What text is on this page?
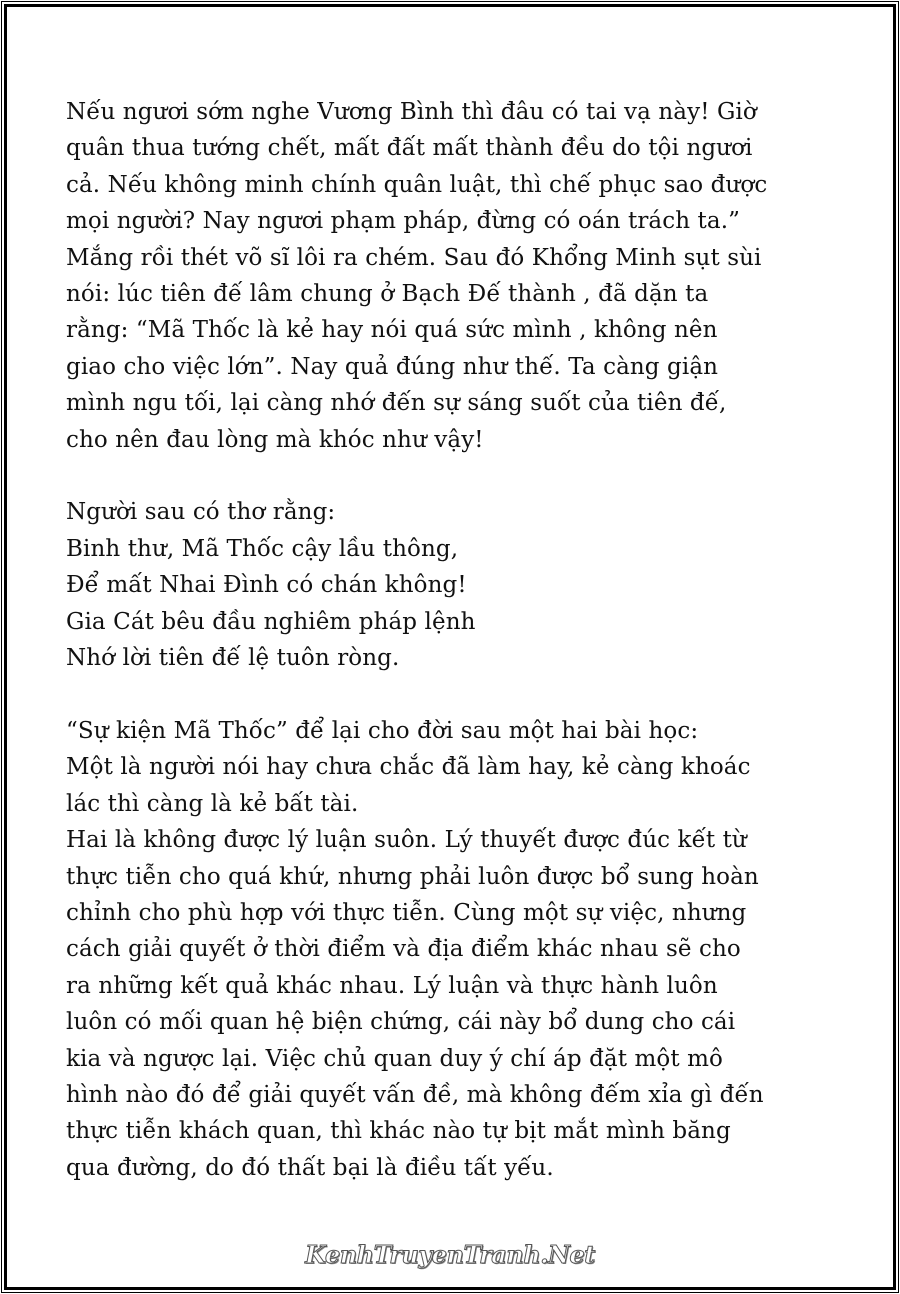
Nếu ngươi sớm nghe Vương Bình thì đâu có tai vạ này! Giờ
quân thua tướng chết, mất đất mất thành đều do tội ngươi
cả. Nếu không minh chính quân luật, thì chế phục sao được
mọi người? Nay ngươi phạm pháp, đừng có oán trách ta.”
Mắng rồi thét võ sĩ lôi ra chém. Sau đó Khổng Minh sụt sùi
nói: lúc tiên đế lâm chung ở Bạch Đế thành , đã dặn ta
rằng: “Mã Thốc là kẻ hay nói quá sức mình , không nên
giao cho việc lớn”. Nay quả đúng như thế. Ta càng giận
mình ngu tối, lại càng nhớ đến sự sáng suốt của tiên đế,
cho nên đau lòng mà khóc như vậy!
Người sau có thơ rằng:
Binh thư, Mã Thốc cậy lầu thông,
Để mất Nhai Đình có chán không!
Gia Cát bêu đầu nghiêm pháp lệnh
Nhớ lời tiên đế lệ tuôn ròng.
“Sự kiện Mã Thốc” để lại cho đời sau một hai bài học:
Một là người nói hay chưa chắc đã làm hay, kẻ càng khoác
lác thì càng là kẻ bất tài.
Hai là không được lý luận suôn. Lý thuyết được đúc kết từ
thực tiễn cho quá khứ, nhưng phải luôn được bổ sung hoàn
chỉnh cho phù hợp với thực tiễn. Cùng một sự việc, nhưng
cách giải quyết ở thời điểm và địa điểm khác nhau sẽ cho
ra những kết quả khác nhau. Lý luận và thực hành luôn
luôn có mối quan hệ biện chứng, cái này bổ dung cho cái
kia và ngược lại. Việc chủ quan duy ý chí áp đặt một mô
hình nào đó để giải quyết vấn đề, mà không đếm xỉa gì đến
thực tiễn khách quan, thì khác nào tự bịt mắt mình băng
qua đường, do đó thất bại là điều tất yếu.
KenhTruyenTranh.Net
